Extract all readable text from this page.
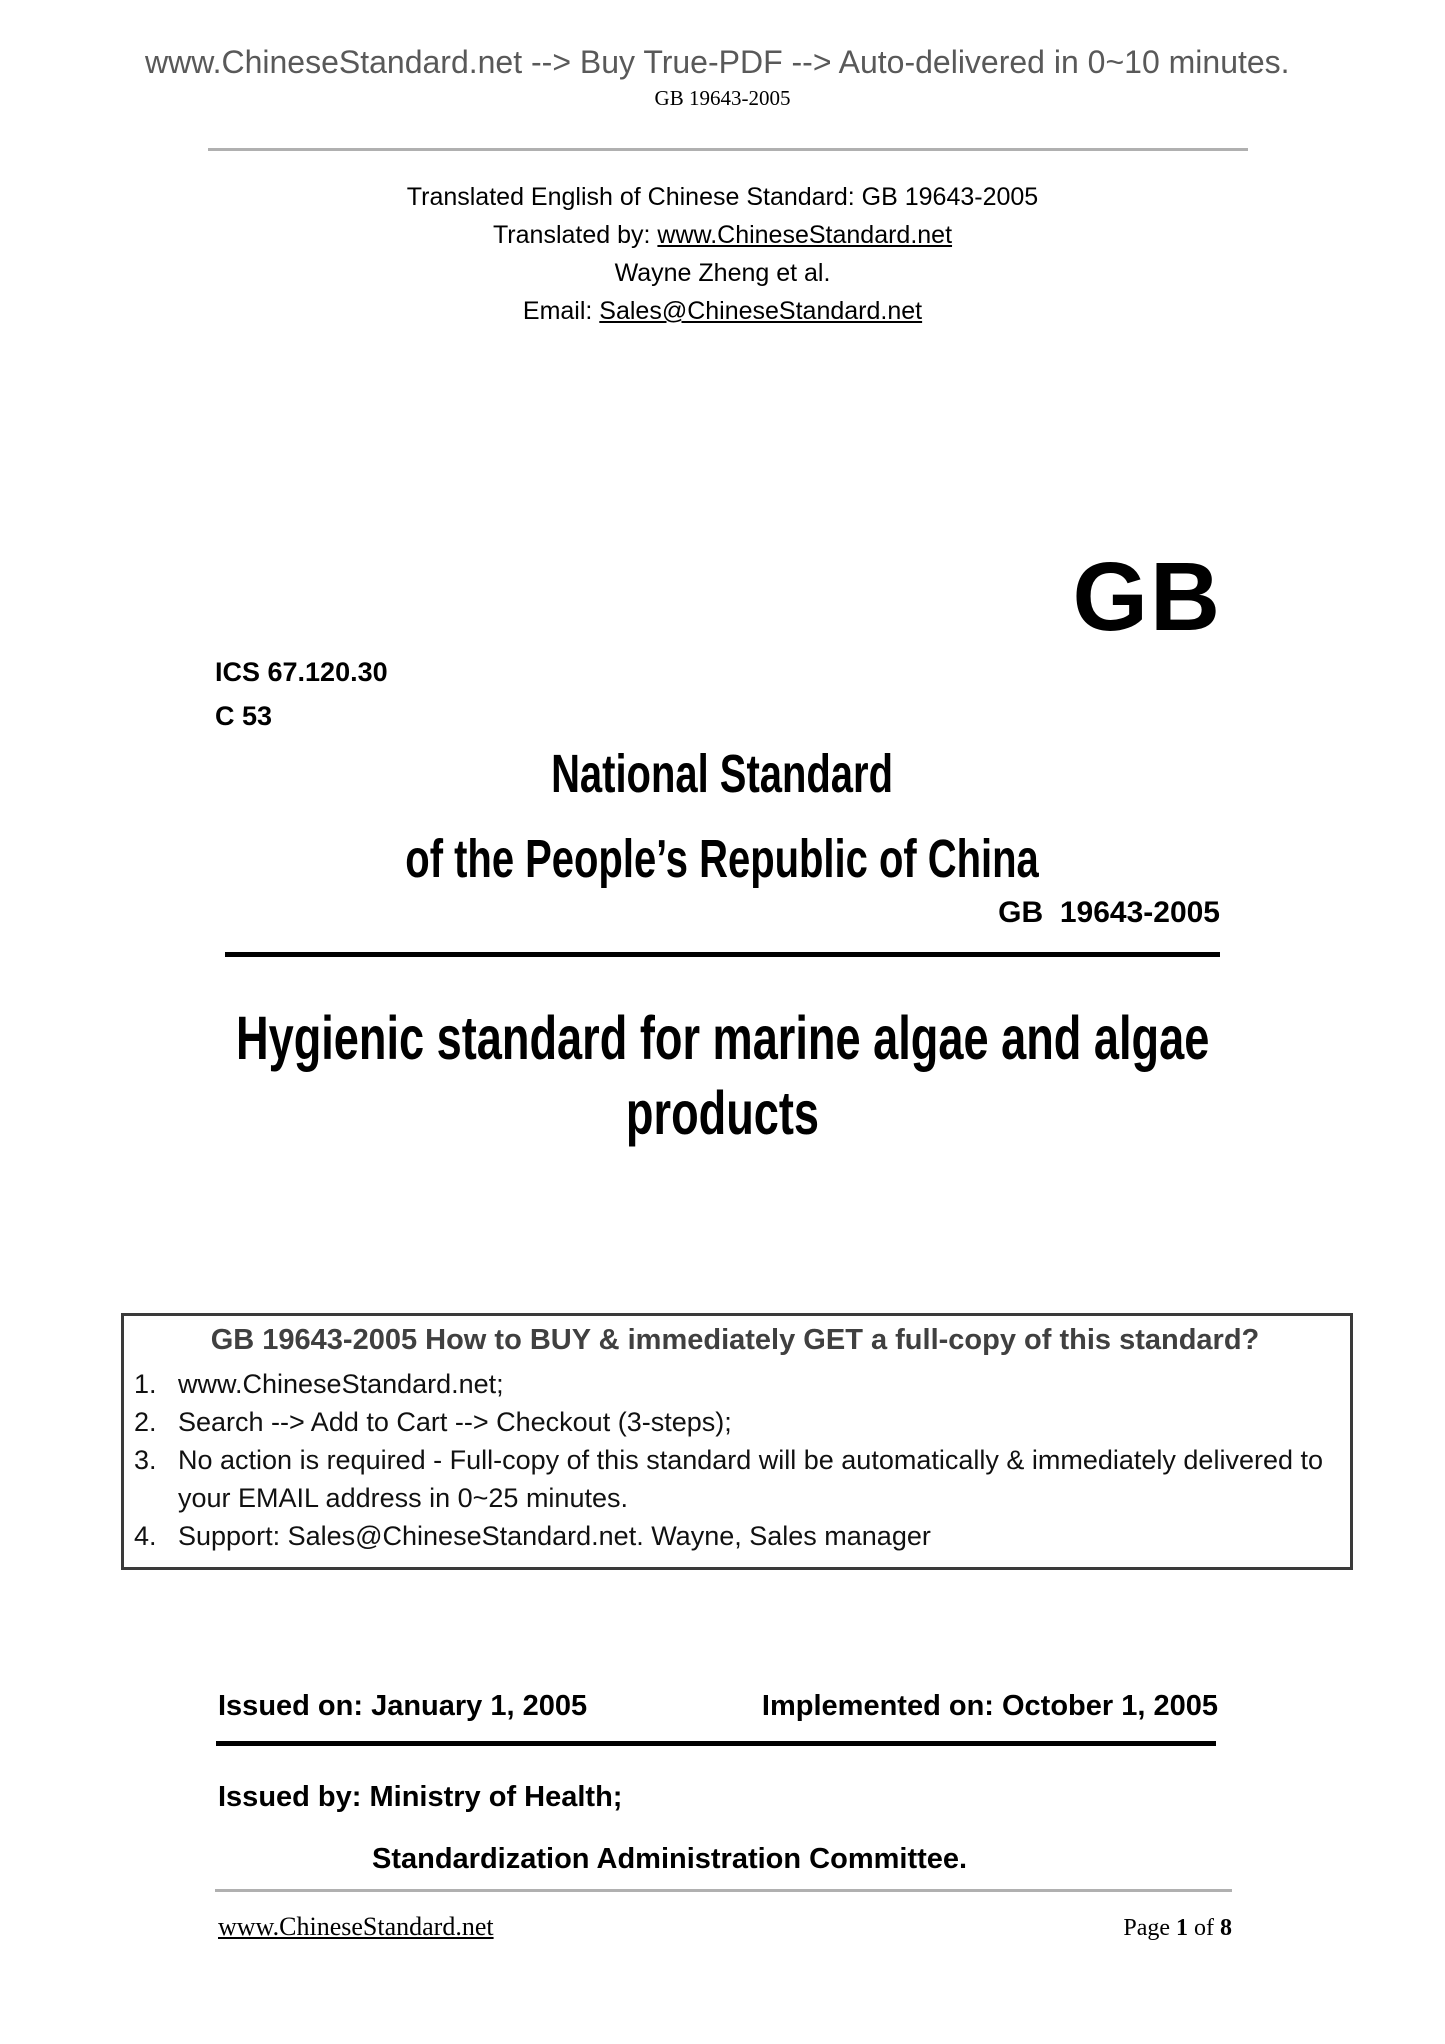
www.ChineseStandard.net --> Buy True-PDF --> Auto-delivered in 0~10 minutes.
GB 19643-2005
Translated English of Chinese Standard: GB 19643-2005
Translated by: www.ChineseStandard.net
Wayne Zheng et al.
Email: Sales@ChineseStandard.net
GB
ICS 67.120.30
C 53
National Standard
of the People’s Republic of China
GB  19643-2005
Hygienic standard for marine algae and algae
products
GB 19643-2005 How to BUY & immediately GET a full-copy of this standard?
1. www.ChineseStandard.net;
2. Search --> Add to Cart --> Checkout (3-steps);
3. No action is required - Full-copy of this standard will be automatically & immediately delivered to your EMAIL address in 0~25 minutes.
4. Support: Sales@ChineseStandard.net. Wayne, Sales manager
Issued on: January 1, 2005	Implemented on: October 1, 2005
Issued by: Ministry of Health;
Standardization Administration Committee.
www.ChineseStandard.net	Page 1 of 8
